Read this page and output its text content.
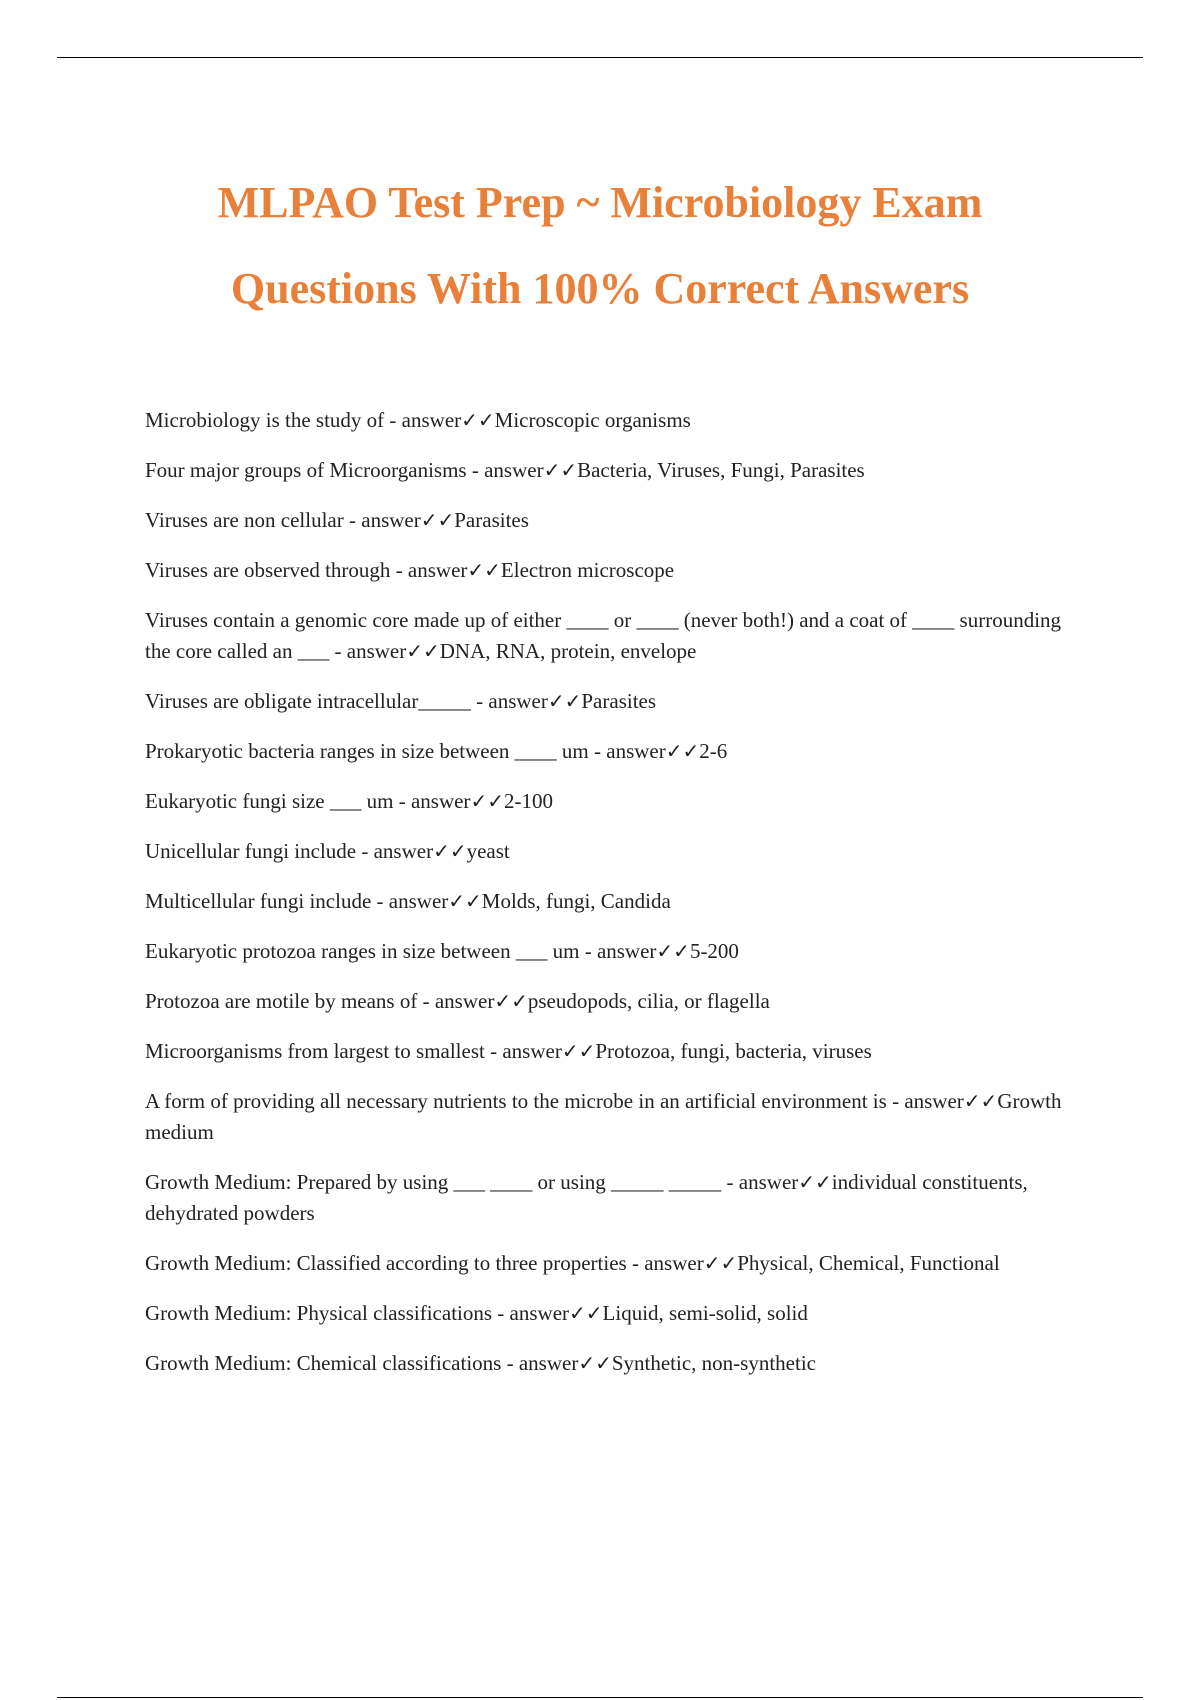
MLPAO Test Prep ~ Microbiology Exam
Questions With 100% Correct Answers
Microbiology is the study of - answer✓✓Microscopic organisms
Four major groups of Microorganisms - answer✓✓Bacteria, Viruses, Fungi, Parasites
Viruses are non cellular - answer✓✓Parasites
Viruses are observed through - answer✓✓Electron microscope
Viruses contain a genomic core made up of either ____ or ____ (never both!) and a coat of ____ surrounding the core called an ___ - answer✓✓DNA, RNA, protein, envelope
Viruses are obligate intracellular_____ - answer✓✓Parasites
Prokaryotic bacteria ranges in size between ____ um - answer✓✓2-6
Eukaryotic fungi size ___ um - answer✓✓2-100
Unicellular fungi include - answer✓✓yeast
Multicellular fungi include - answer✓✓Molds, fungi, Candida
Eukaryotic protozoa ranges in size between ___ um - answer✓✓5-200
Protozoa are motile by means of - answer✓✓pseudopods, cilia, or flagella
Microorganisms from largest to smallest - answer✓✓Protozoa, fungi, bacteria, viruses
A form of providing all necessary nutrients to the microbe in an artificial environment is - answer✓✓Growth medium
Growth Medium: Prepared by using ___ ____ or using _____ _____ - answer✓✓individual constituents, dehydrated powders
Growth Medium: Classified according to three properties - answer✓✓Physical, Chemical, Functional
Growth Medium: Physical classifications - answer✓✓Liquid, semi-solid, solid
Growth Medium: Chemical classifications - answer✓✓Synthetic, non-synthetic
